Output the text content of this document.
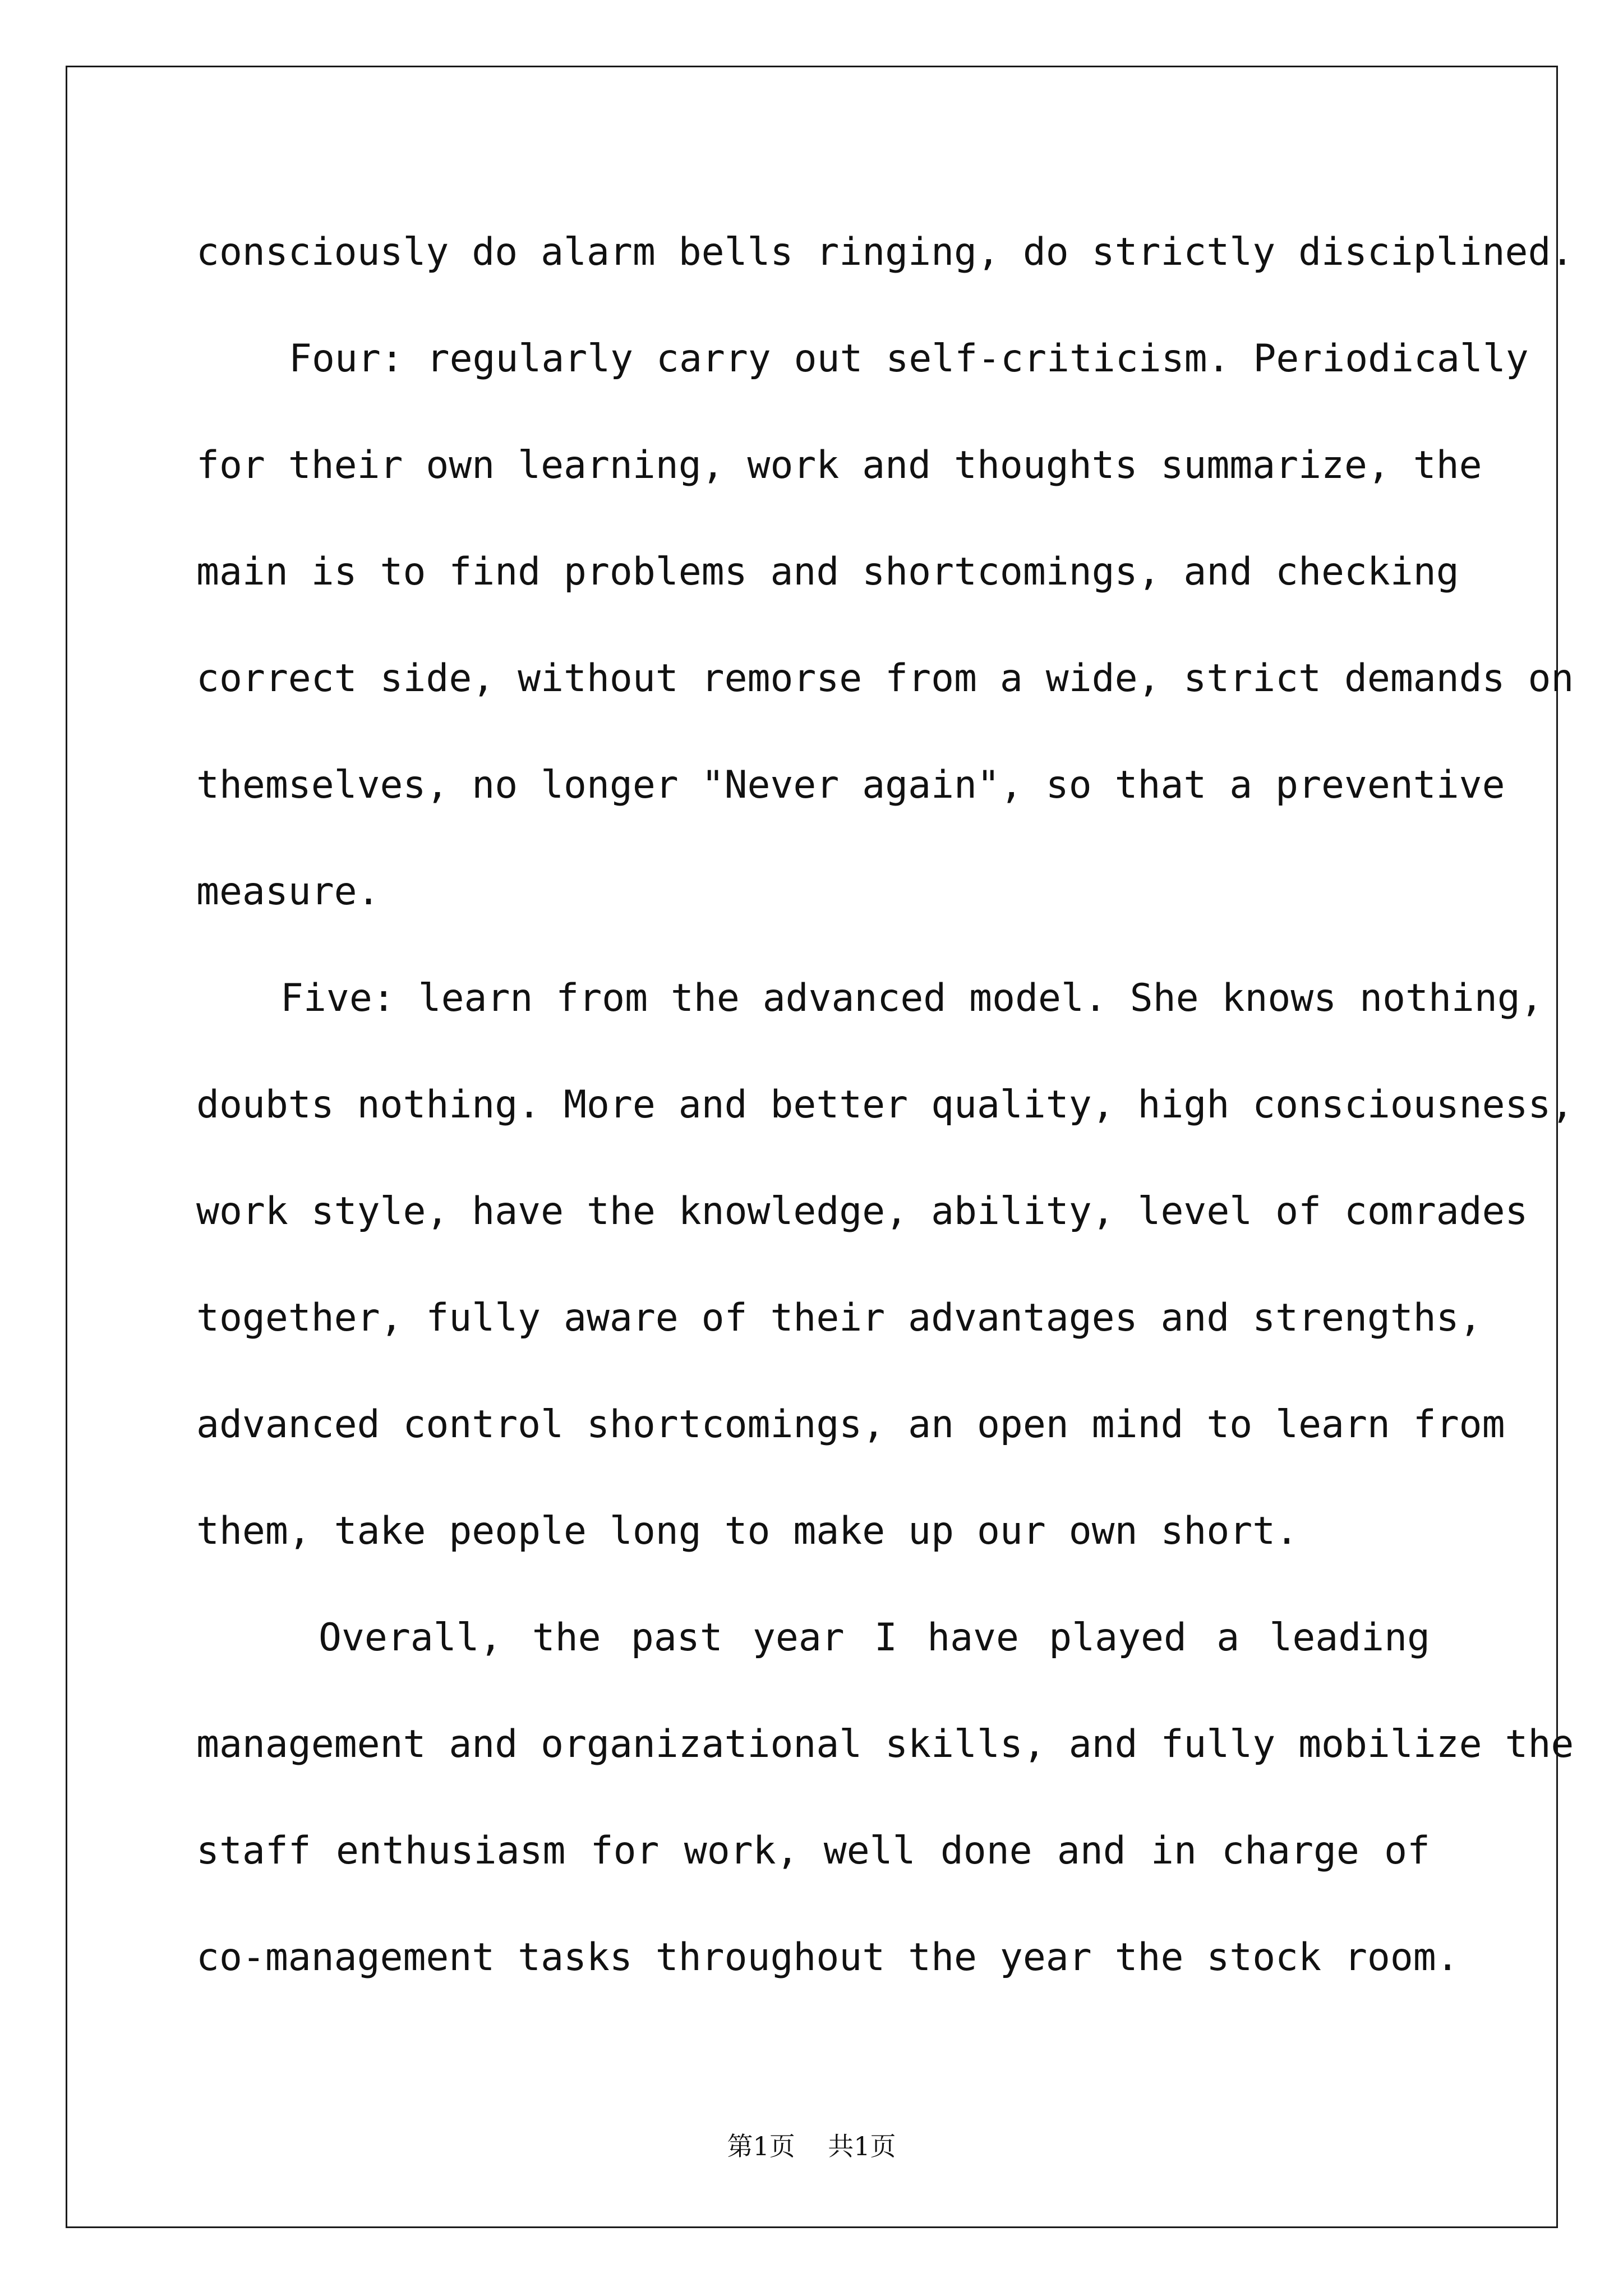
consciously do alarm bells ringing, do strictly disciplined.
Four: regularly carry out self-criticism. Periodically
for their own learning, work and thoughts summarize, the
main is to find problems and shortcomings, and checking
correct side, without remorse from a wide, strict demands on
themselves, no longer "Never again", so that a preventive
measure.
Five: learn from the advanced model. She knows nothing,
doubts nothing. More and better quality, high consciousness,
work style, have the knowledge, ability, level of comrades
together, fully aware of their advantages and strengths,
advanced control shortcomings, an open mind to learn from
them, take people long to make up our own short.
Overall, the past year I have played a leading
management and organizational skills, and fully mobilize the
staff enthusiasm for work, well done and in charge of
co-management tasks throughout the year the stock room.
第1页 共1页
